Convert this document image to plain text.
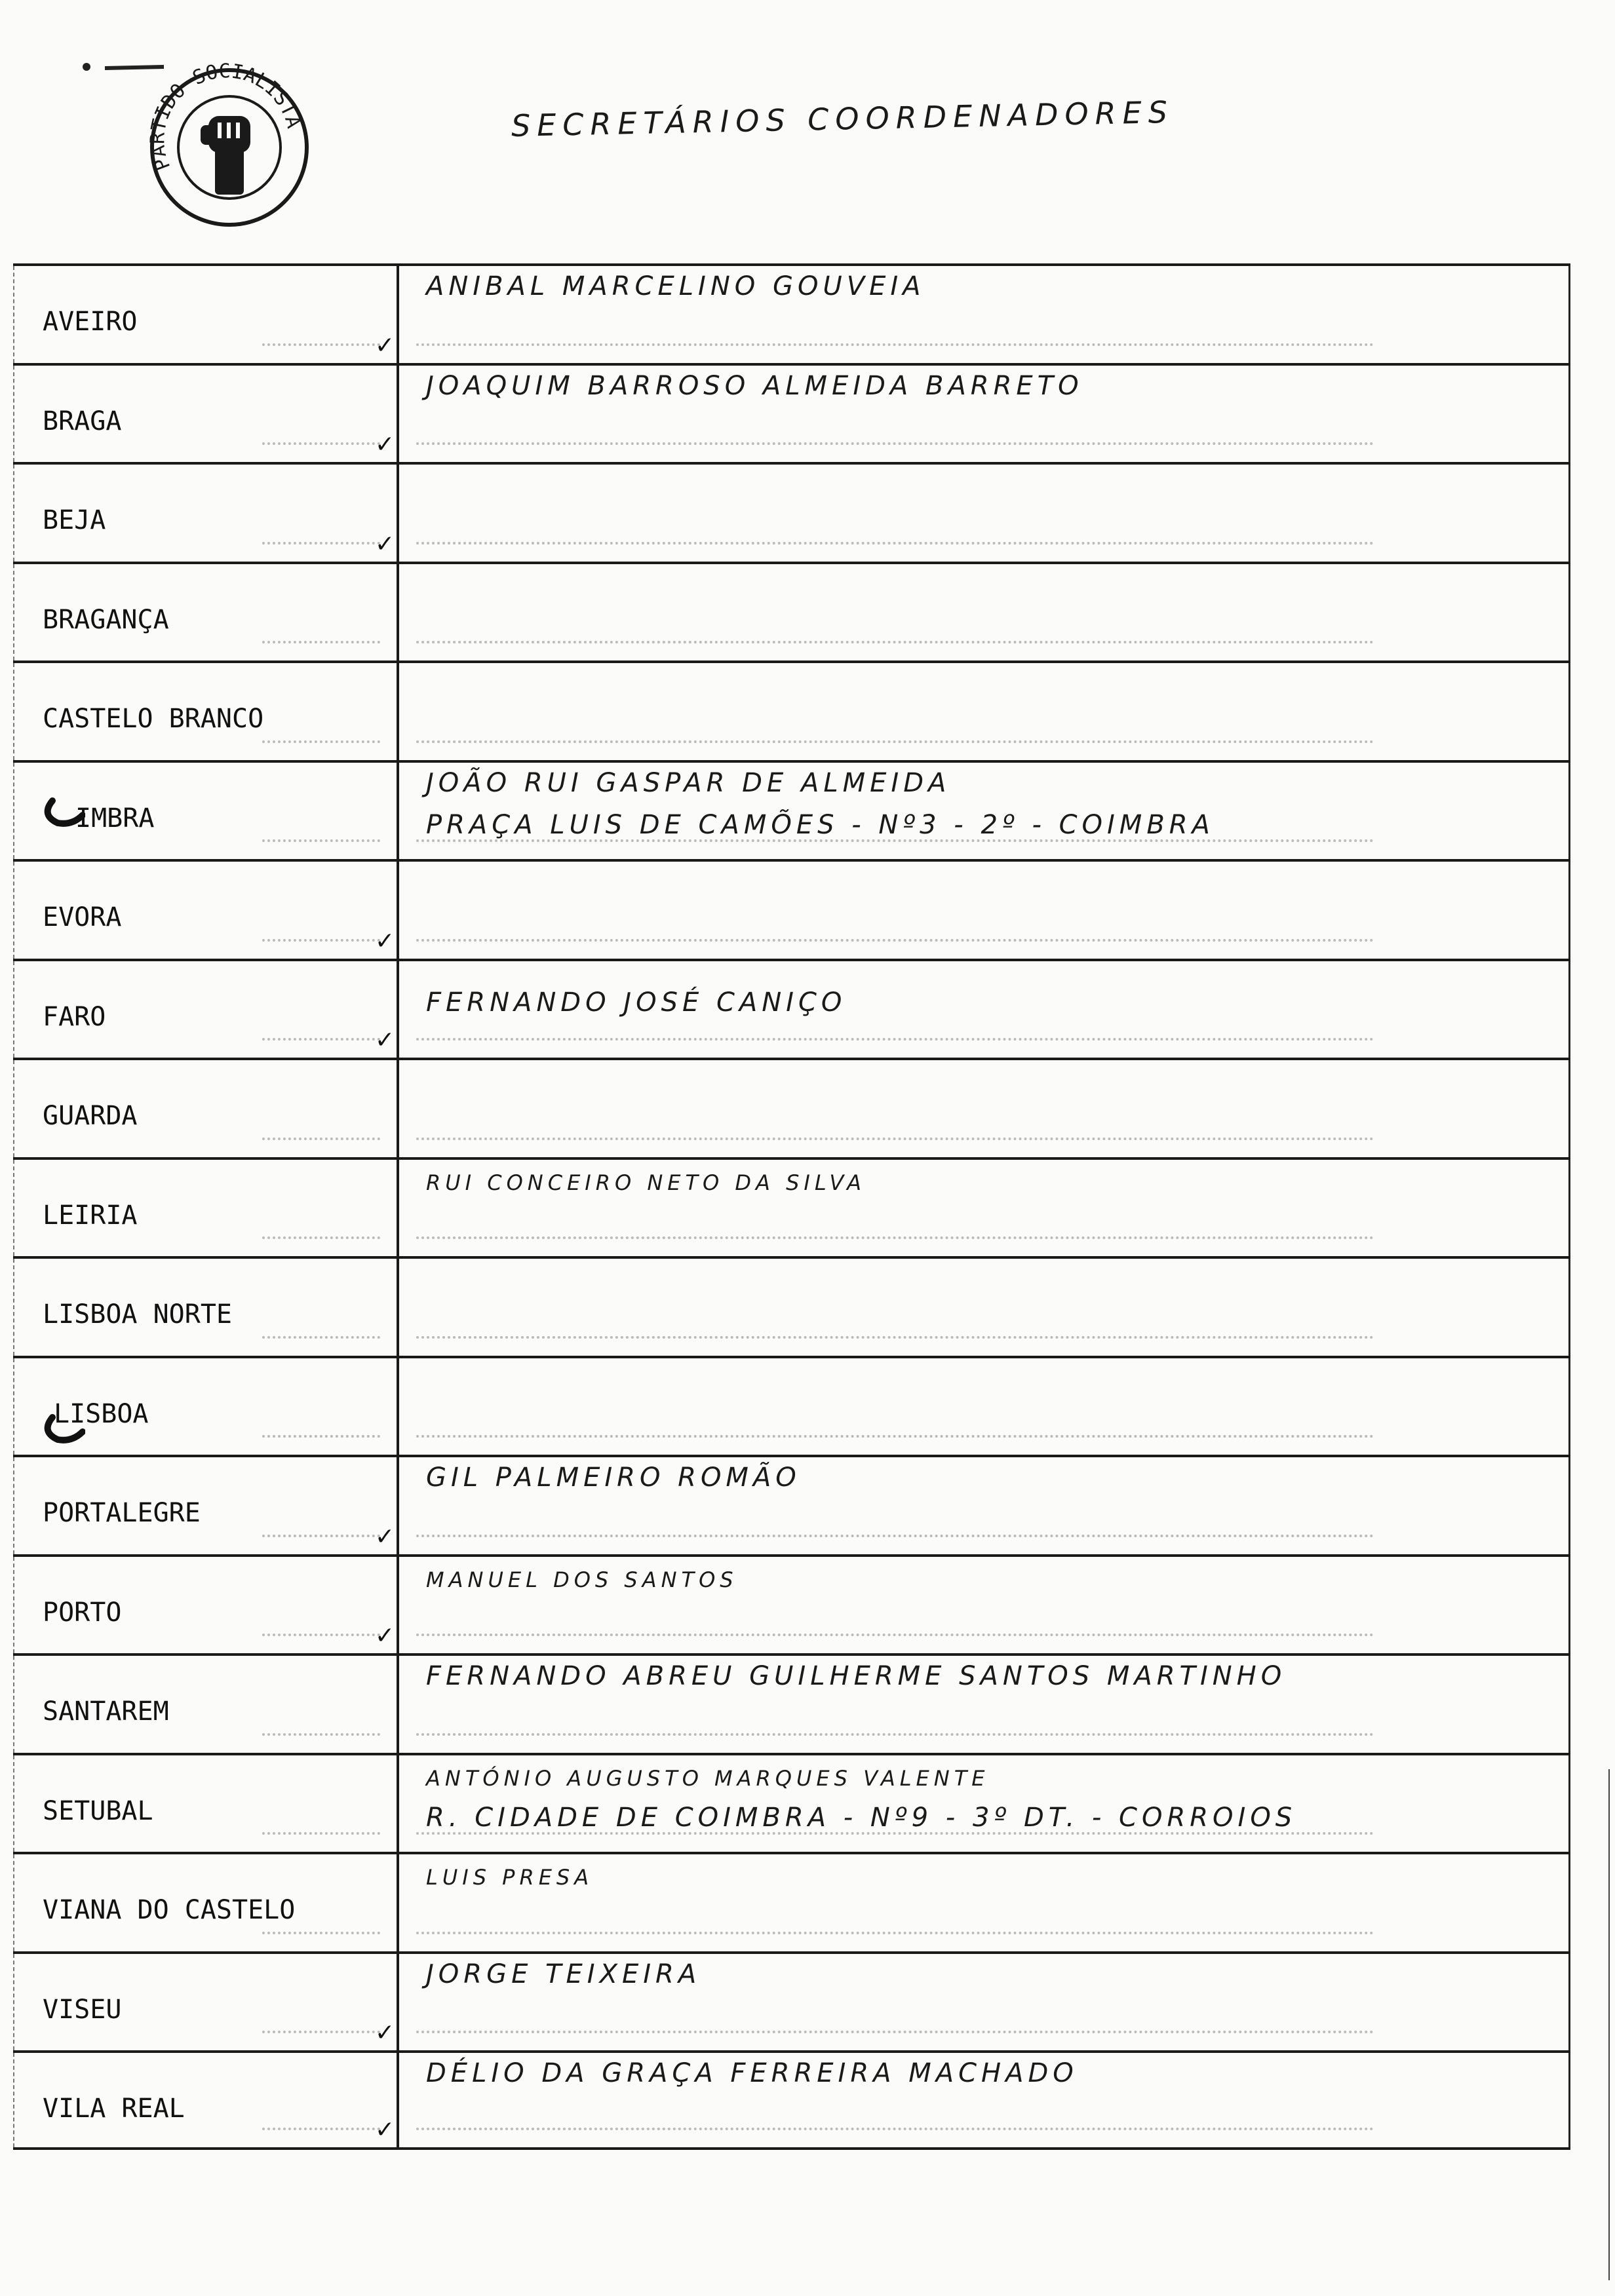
PARTIDO SOCIALISTA	SECRETÁRIOS COORDENADORES
AVEIRO
✓
ANIBAL MARCELINO GOUVEIA
BRAGA
✓
JOAQUIM BARROSO ALMEIDA BARRETO
BEJA
✓
BRAGANÇA
CASTELO BRANCO
IMBRA
JOÃO RUI GASPAR DE ALMEIDA
PRAÇA LUIS DE CAMÕES - Nº3 - 2º - COIMBRA
EVORA
✓
FARO
✓
FERNANDO JOSÉ CANIÇO
GUARDA
LEIRIA
RUI CONCEIRO NETO DA SILVA
LISBOA NORTE
LISBOA
PORTALEGRE
✓
GIL PALMEIRO ROMÃO
PORTO
✓
MANUEL DOS SANTOS
SANTAREM
FERNANDO ABREU GUILHERME SANTOS MARTINHO
SETUBAL
ANTÓNIO AUGUSTO MARQUES VALENTE
R. CIDADE DE COIMBRA - Nº9 - 3º DT. - CORROIOS
VIANA DO CASTELO
LUIS PRESA
VISEU
✓
JORGE TEIXEIRA
VILA REAL
✓
DÉLIO DA GRAÇA FERREIRA MACHADO
